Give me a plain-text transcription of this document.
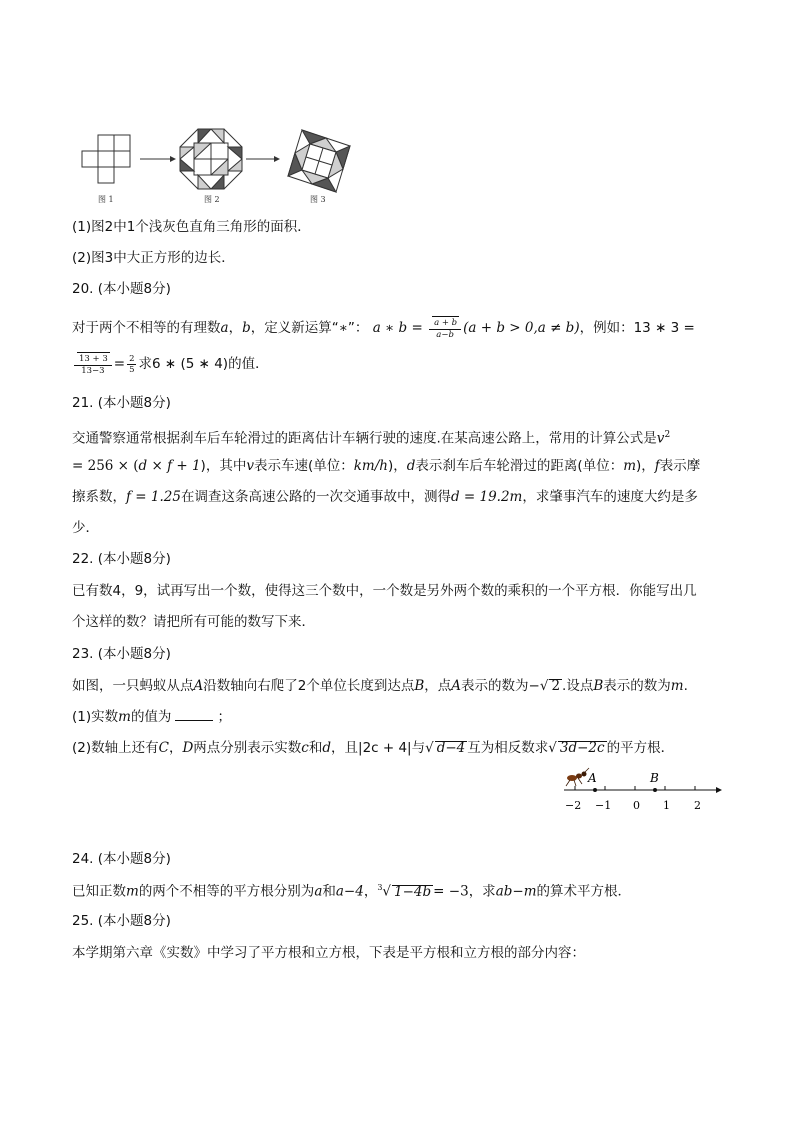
图 1	图 2	图 3
(1)图2中1个浅灰色直角三角形的面积．
(2)图3中大正方形的边长．
20. (本小题8分)
对于两个不相等的有理数a，b，定义新运算“∗”： a ∗ $b = \frac{a + b}{a-b} (a + b > 0,a \ne b)$，例如：13 ∗ 3 =
$\frac{13 + 3}{13-3} = \frac{2}{5}$ 求6 ∗ (5 ∗ 4)的值．
21. (本小题8分)
交通警察通常根据刹车后车轮滑过的距离估计车辆行驶的速度.在某高速公路上，常用的计算公式是$v^2$
= 256 × (d × f + 1)，其中v表示车速(单位：km/h)，d表示刹车后车轮滑过的距离(单位：m)，f表示摩
擦系数，f = 1.25在调查这条高速公路的一次交通事故中，测得d = 19.2m，求肇事汽车的速度大约是多
少．
22. (本小题8分)
已有数4，9，试再写出一个数，使得这三个数中，一个数是另外两个数的乘积的一个平方根．你能写出几
个这样的数？请把所有可能的数写下来．
23. (本小题8分)
如图，一只蚂蚁从点A沿数轴向右爬了2个单位长度到达点B，点A表示的数为−√ 2 .设点B表示的数为m.
(1)实数m的值为	；
(2)数轴上还有C，D两点分别表示实数c和d，且|2c + 4|与√ d−4 互为相反数求√ 3d−2c 的平方根．
A	B
−2 −1 0 1 2
24. (本小题8分)
已知正数m的两个不相等的平方根分别为a和a−4，$^3$√ 1−4b = −3，求ab−m的算术平方根．
25. (本小题8分)
本学期第六章《实数》中学习了平方根和立方根，下表是平方根和立方根的部分内容：
